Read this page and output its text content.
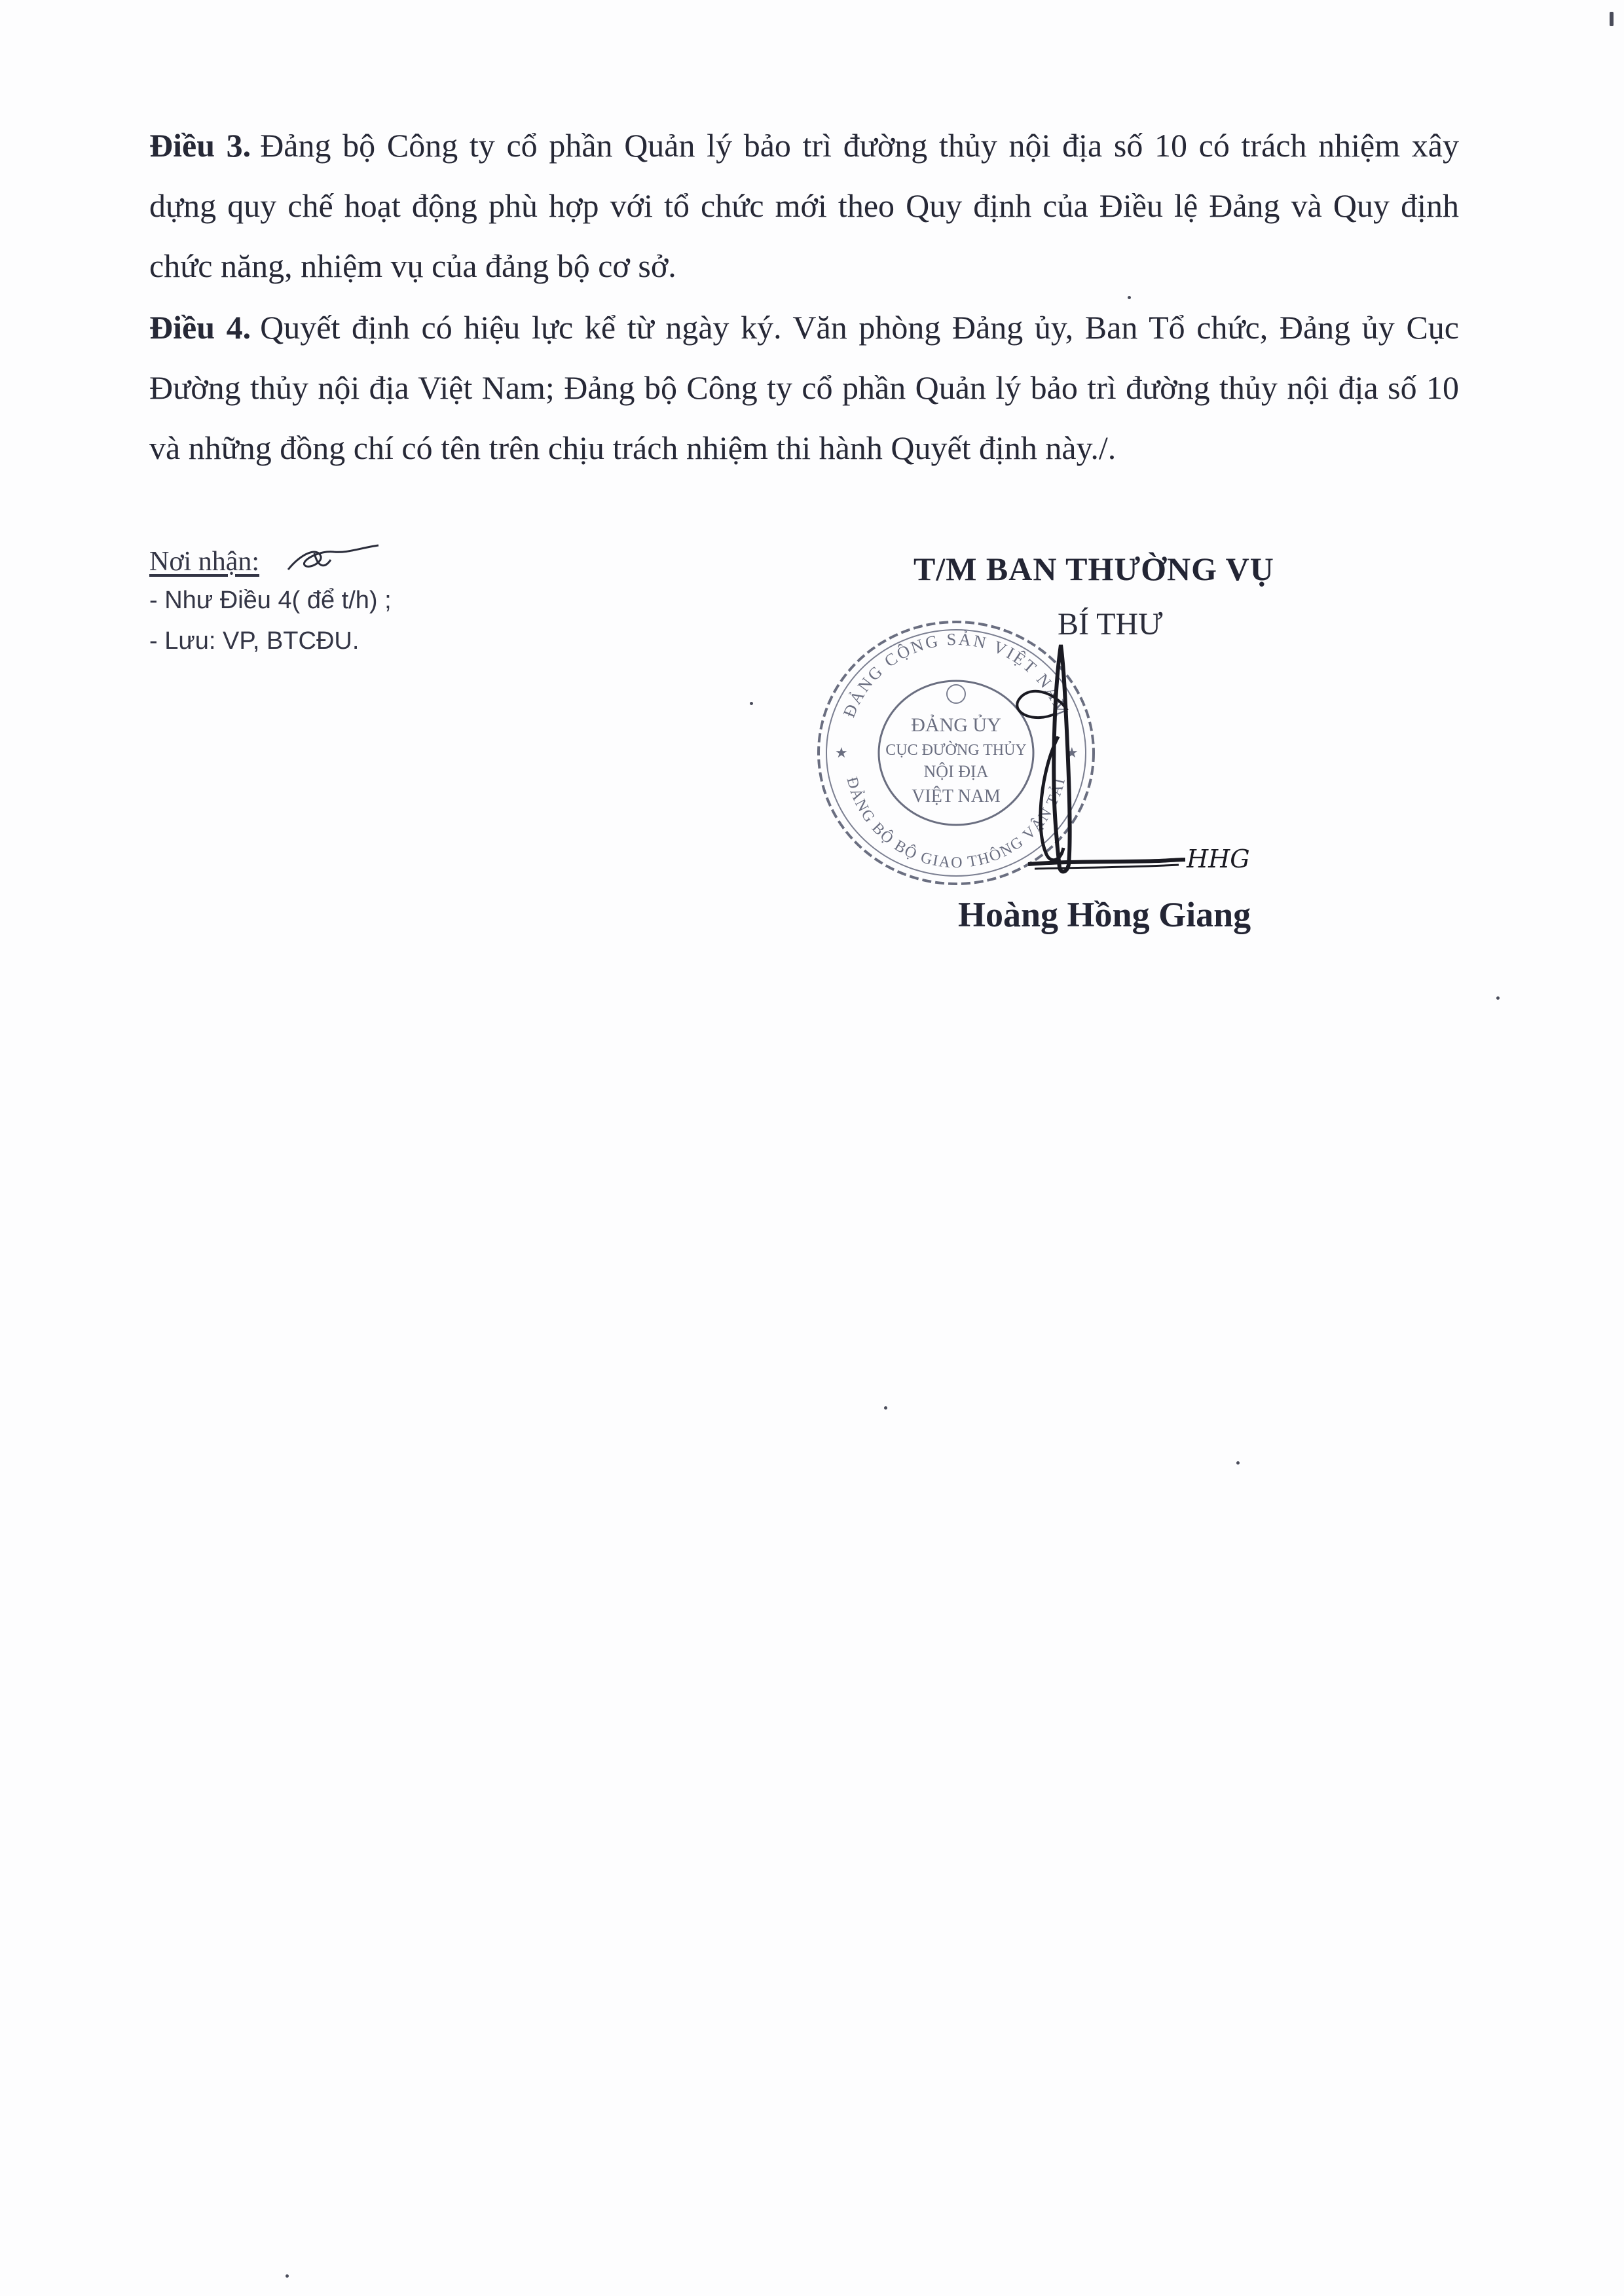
Điều 3. Đảng bộ Công ty cổ phần Quản lý bảo trì đường thủy nội địa số 10 có trách nhiệm xây dựng quy chế hoạt động phù hợp với tổ chức mới theo Quy định của Điều lệ Đảng và Quy định chức năng, nhiệm vụ của đảng bộ cơ sở.

Điều 4. Quyết định có hiệu lực kể từ ngày ký. Văn phòng Đảng ủy, Ban Tổ chức, Đảng ủy Cục Đường thủy nội địa Việt Nam; Đảng bộ Công ty cổ phần Quản lý bảo trì đường thủy nội địa số 10 và những đồng chí có tên trên chịu trách nhiệm thi hành Quyết định này./.

Nơi nhận:
- Như Điều 4( để t/h) ;
- Lưu: VP, BTCĐU.
T/M BAN THƯỜNG VỤ
BÍ THƯ
Hoàng Hồng Giang
ĐẢNG CỘNG SẢN VIỆT NAM
ĐẢNG BỘ BỘ GIAO THÔNG VẬN TẢI
★	★
ĐẢNG ỦY
CỤC ĐƯỜNG THỦY
NỘI ĐỊA
VIỆT NAM
HHG
